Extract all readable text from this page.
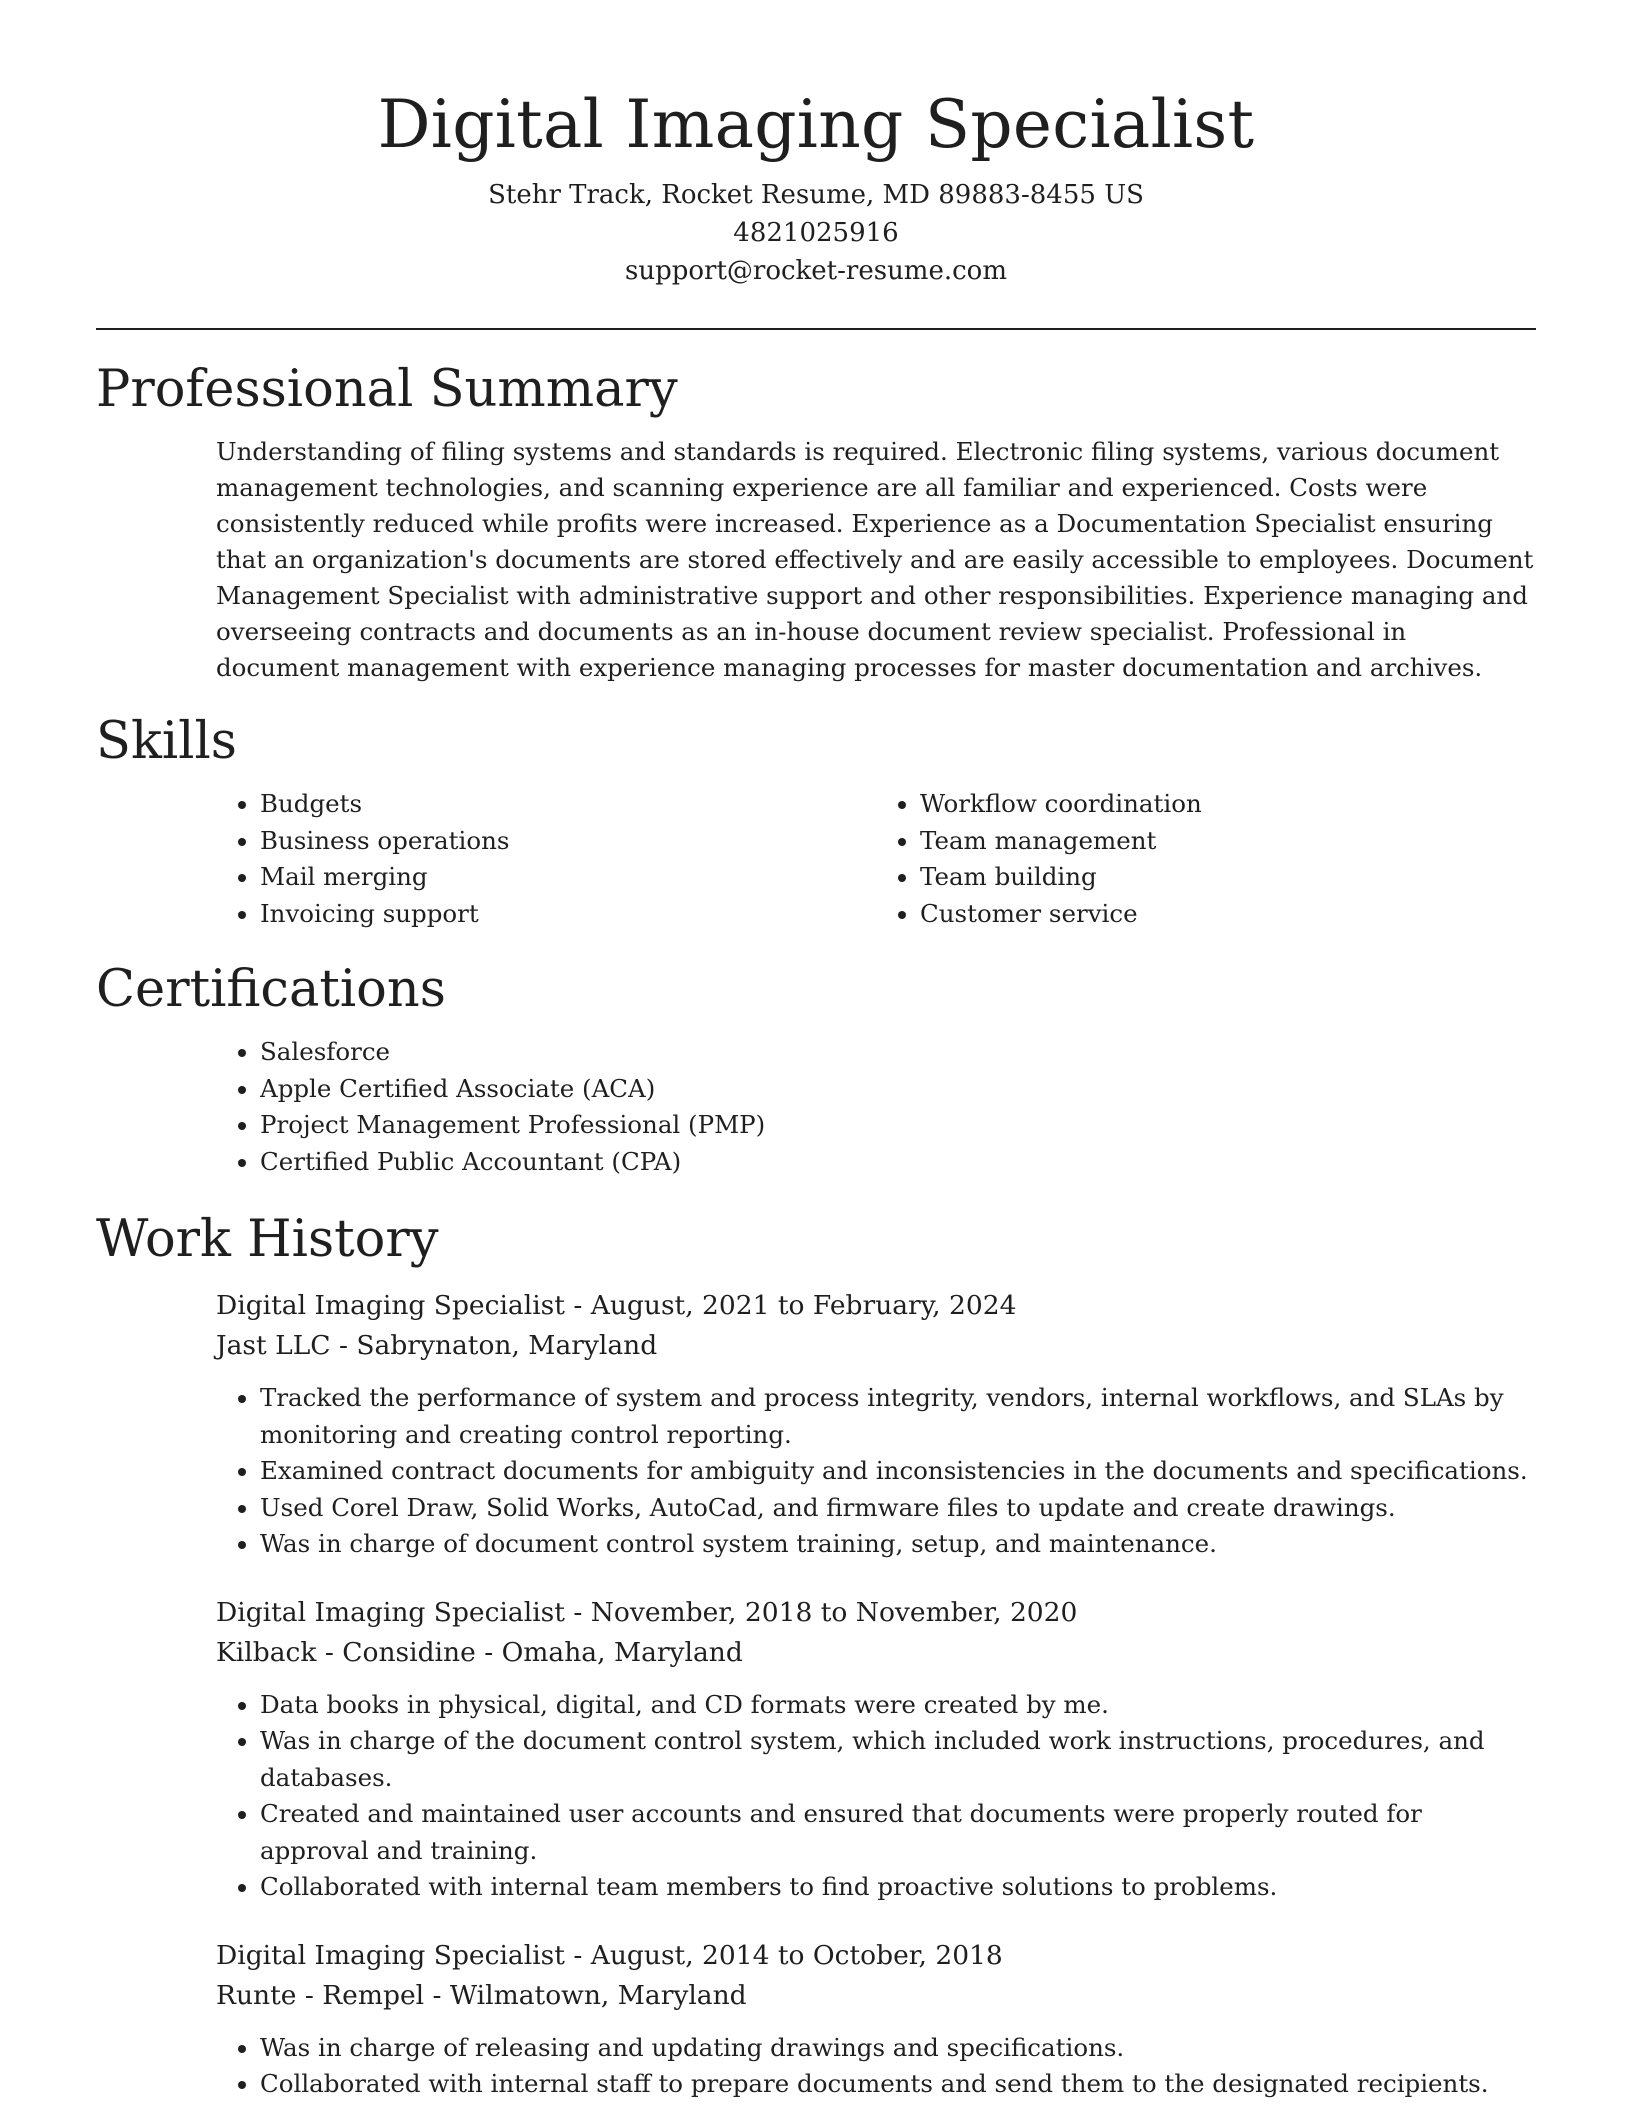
Digital Imaging Specialist

Stehr Track, Rocket Resume, MD 89883-8455 US

4821025916

support@rocket-resume.com

Professional Summary

Understanding of filing systems and standards is required. Electronic filing systems, various document management technologies, and scanning experience are all familiar and experienced. Costs were consistently reduced while profits were increased. Experience as a Documentation Specialist ensuring that an organization's documents are stored effectively and are easily accessible to employees. Document Management Specialist with administrative support and other responsibilities. Experience managing and overseeing contracts and documents as an in-house document review specialist. Professional in document management with experience managing processes for master documentation and archives.

Skills
• Budgets
• Business operations
• Mail merging
• Invoicing support
• Workflow coordination
• Team management
• Team building
• Customer service
Certifications
• Salesforce
• Apple Certified Associate (ACA)
• Project Management Professional (PMP)
• Certified Public Accountant (CPA)
Work History

Digital Imaging Specialist - August, 2021 to February, 2024

Jast LLC - Sabrynaton, Maryland

• Tracked the performance of system and process integrity, vendors, internal workflows, and SLAs by monitoring and creating control reporting.
• Examined contract documents for ambiguity and inconsistencies in the documents and specifications.
• Used Corel Draw, Solid Works, AutoCad, and firmware files to update and create drawings.
• Was in charge of document control system training, setup, and maintenance.

Digital Imaging Specialist - November, 2018 to November, 2020

Kilback - Considine - Omaha, Maryland

• Data books in physical, digital, and CD formats were created by me.
• Was in charge of the document control system, which included work instructions, procedures, and databases.
• Created and maintained user accounts and ensured that documents were properly routed for approval and training.
• Collaborated with internal team members to find proactive solutions to problems.

Digital Imaging Specialist - August, 2014 to October, 2018

Runte - Rempel - Wilmatown, Maryland

• Was in charge of releasing and updating drawings and specifications.
• Collaborated with internal staff to prepare documents and send them to the designated recipients.
